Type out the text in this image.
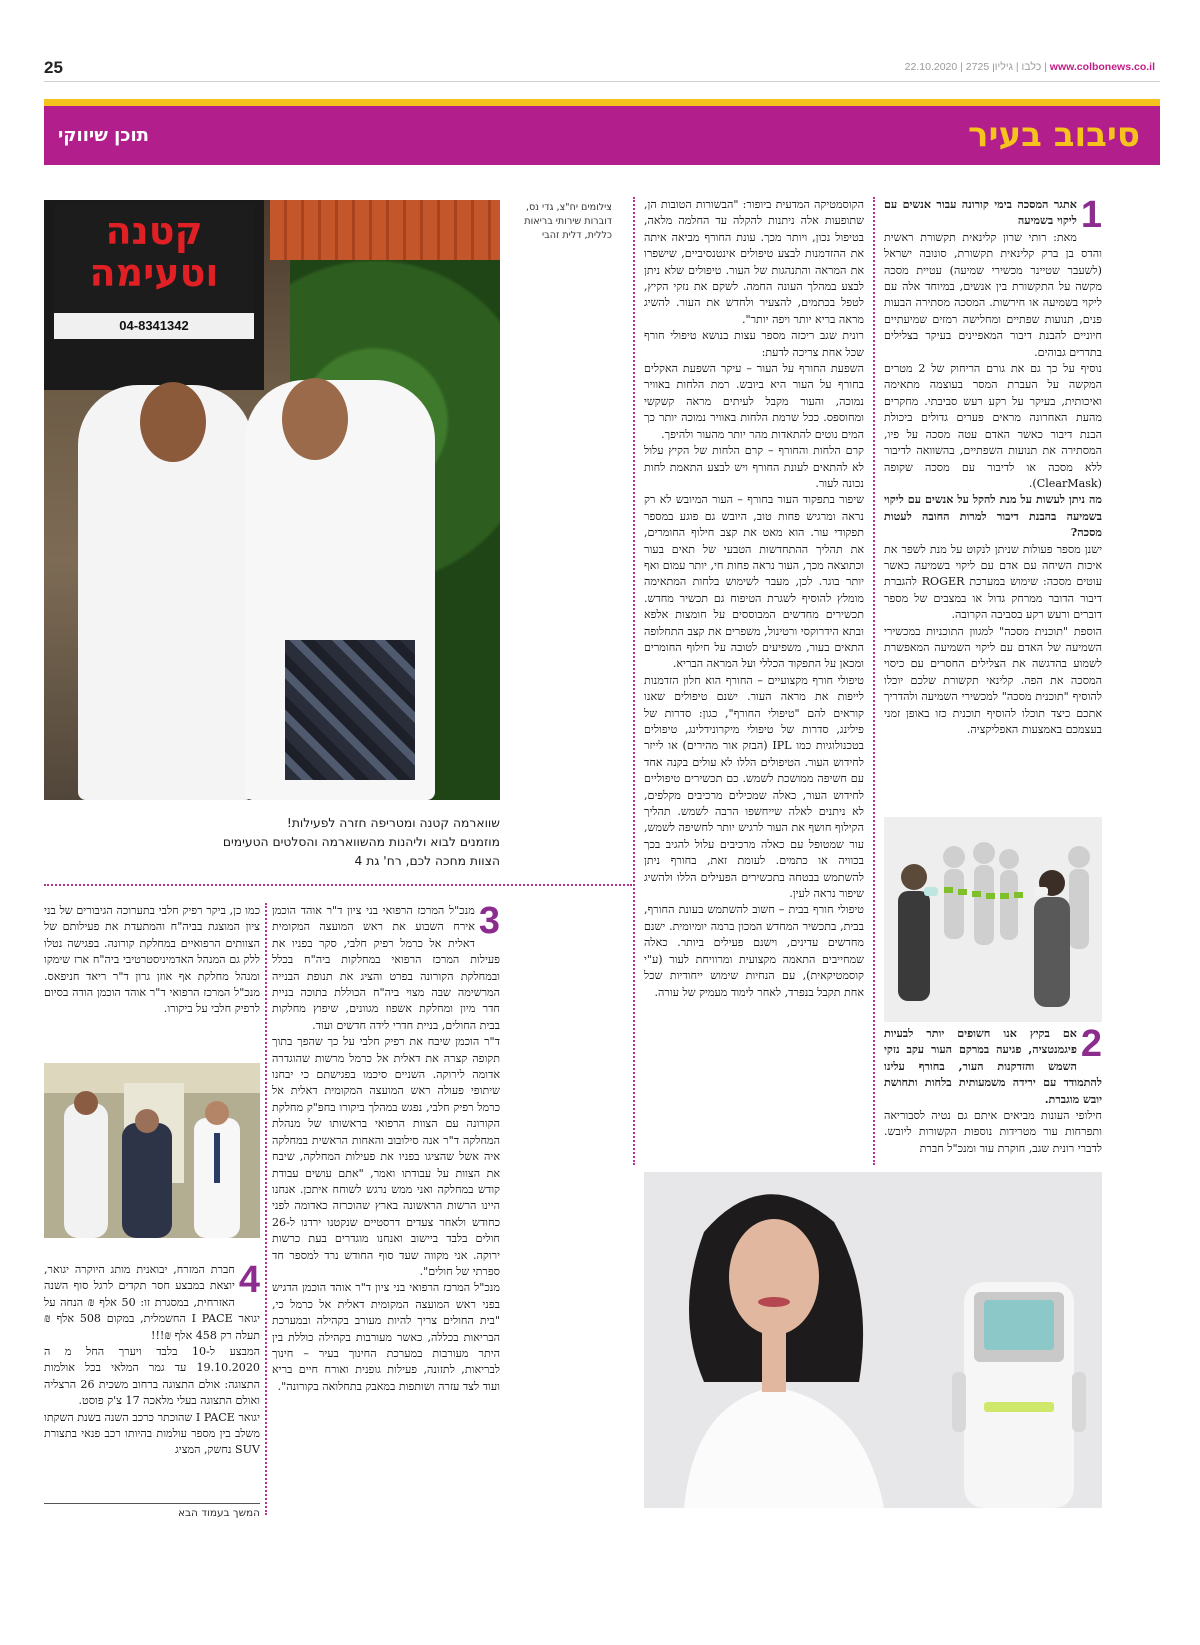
25	www.colbonews.co.il | כלבו | גיליון 2725 | 22.10.2020
סיבוב בעיר
תוכן שיווקי
1

אתגר המסכה בימי קורונה עבור אנשים עם ליקוי בשמיעה

מאת: רותי שרון קלינאית תקשורת ראשית והדס בן ברק קלינאית תקשורת, סונובה ישראל (לשעבר שטיינר מכשירי שמיעה) עטיית מסכה מקשה על התקשורת בין אנשים, במיוחד אלה עם ליקוי בשמיעה או חירשות. המסכה מסתירה הבעות פנים, תנועות שפתיים ומחלישה רמזים שמיעתיים חיוניים להבנת דיבור המאפיינים בעיקר בצלילים בתדרים גבוהים.

נוסיף על כך גם את גורם הריחוק של 2 מטרים המקשה על העברת המסר בעוצמה מתאימה ואיכותית, בעיקר על רקע רעש סביבתי. מחקרים מהעת האחרונה מראים פערים גדולים ביכולת הבנת דיבור כאשר האדם עטה מסכה על פיו, המסתירה את תנועות השפתיים, בהשוואה לדיבור ללא מסכה או לדיבור עם מסכה שקופה (ClearMask).

מה ניתן לעשות על מנת להקל על אנשים עם ליקוי בשמיעה בהבנת דיבור למרות החובה לעטות מסכה?

ישנן מספר פעולות שניתן לנקוט על מנת לשפר את איכות השיחה עם אדם עם ליקוי בשמיעה כאשר עוטים מסכה: שימוש במערכת ROGER להגברת דיבור הדובר ממרחק גדול או במצבים של מספר דוברים ורעש רקע בסביבה הקרובה.

הוספת "תוכנית מסכה" למגוון התוכניות במכשירי השמיעה של האדם עם ליקוי השמיעה המאפשרת לשמוע בהדגשה את הצלילים החסרים עם כיסוי המסכה את הפה. קלינאי תקשורת שלכם יוכלו להוסיף "תוכנית מסכה" למכשירי השמיעה ולהדריך אתכם כיצד תוכלו להוסיף תוכנית כזו באופן זמני בעצמכם באמצעות האפליקציה.

2

אם בקיץ אנו חשופים יותר לבעיות פיגמנטציה, פגיעה במרקם העור עקב נזקי השמש והזדקנות העור, בחורף עלינו להתמודד עם ירידה משמעותית בלחות ותחושת יובש מוגברת.

חילופי העונות מביאים איתם גם נטיה לסבוריאה ותפרחות עור מטרידות נוספות הקשורות ליובש. לדברי רונית שגב, חוקרת עור ומנכ"ל חברת

הקוסמטיקה המדעית ביופור: "הבשורות הטובות הן, שתופעות אלה ניתנות להקלה עד החלמה מלאה, בטיפול נכון, ויותר מכך. עונת החורף מביאה איתה את ההזדמנות לבצע טיפולים אינטנסיביים, שישפרו את המראה והתנהגות של העור. טיפולים שלא ניתן לבצע במהלך העונה החמה. לשקם את נזקי הקיץ, לטפל בכתמים, להצעיר ולחדש את העור. להשיג מראה בריא יותר ויפה יותר".

רונית שגב ריכזה מספר עצות בנושא טיפולי חורף שכל אחת צריכה לדעת:

השפעת החורף על העור – עיקר השפעת האקלים בחורף על העור היא ביובש. רמת הלחות באוויר נמוכה, והעור מקבל לעיתים מראה קשקשי ומחוספס. ככל שרמת הלחות באוויר נמוכה יותר כך המים נוטים להתאדות מהר יותר מהעור ולהיפך.

קרם הלחות והחורף – קרם הלחות של הקיץ עלול לא להתאים לעונת החורף ויש לבצע התאמת לחות נכונה לעור.

שיפור בתפקוד העור בחורף – העור המיובש לא רק נראה ומרגיש פחות טוב, היובש גם פוגע במספר תפקודי עור. הוא מאט את קצב חילוף החומרים, את תהליך ההתחדשות הטבעי של תאים בעור וכתוצאה מכך, העור נראה פחות חי, יותר עמום ואף יותר בוגר. לכן, מעבר לשימוש בלחות המתאימה מומלץ להוסיף לשגרת הטיפוח גם תכשיר מחדש. תכשירים מחדשים המבוססים על חומצות אלפא ובתא הידרוקסי ורטינול, משפרים את קצב התחלופה התאים בעור, משפיעים לטובה על חילוף החומרים ומכאן על התפקוד הכללי ועל המראה הבריא.

טיפולי חורף מקצועיים – החורף הוא חלון הזדמנות לייפות את מראה העור. ישנם טיפולים שאנו קוראים להם "טיפולי החורף", כגון: סדרות של פילינג, סדרות של טיפולי מיקרונידלינג, טיפולים בטכנולוגיות כמו IPL (הבזק אור מהירים) או לייזר לחידוש העור. הטיפולים הללו לא עולים בקנה אחד עם חשיפה ממושכת לשמש. כם תכשירים טיפוליים לחידוש העור, כאלה שמכילים מרכיבים מקלפים, לא ניתנים לאלה שייחשפו הרבה לשמש. תהליך הקילוף חושף את העור לרגיש יותר לחשיפה לשמש, עור שמטופל עם כאלה מרכיבים עלול להגיב בכך בכוויה או כתמים. לעומת זאת, בחורף ניתן להשתמש בבטחה בתכשירים הפעילים הללו ולהשיג שיפור נראה לעין.

טיפולי חורף בבית – חשוב להשתמש בעונת החורף, בבית, בתכשיר המחדש המכון ברמה יומיומית. ישנם מחדשים עדינים, וישנם פעילים ביותר. כאלה שמחייבים התאמה מקצועית ומרוויחת לעור (ע"י קוסמטיקאית), עם הנחיות שימוש ייחודיות שכל אחת תקבל בנפרד, לאחר לימוד מעמיק של עורה.

צילומים יח"צ, גדי נס, דוברות שירותי בריאות כללית, דלית זהבי
קטנה
וטעימה
04-8341342
שווארמה קטנה ומטריפה חזרה לפעילות!
מוזמנים לבוא וליהנות מהשווארמה והסלטים הטעימים
הצוות מחכה לכם, רח' גת 4
3

מנכ"ל המרכז הרפואי בני ציון ד"ר אוהד הוכמן אירח השבוע את ראש המועצה המקומית דאלית אל כרמל רפיק חלבי, סקר בפניו את פעילות המרכז הרפואי במחלקות ביה"ח בכלל ובמחלקת הקורונה בפרט והציג את תנופת הבנייה המרשימה שבה מצוי ביה"ח הכוללת בתוכה בניית חדר מיון ומחלקת אשפוז מגוונים, שיפוץ מחלקות בבית החולים, בניית חדרי לידה חדשים ועוד.

ד"ר הוכמן שיבח את רפיק חלבי על כך שהפך בתוך תקופה קצרה את דאלית אל כרמל מרשות שהוגדרה אדומה לירוקה. השניים סיכמו בפגישתם כי יבחנו שיתופי פעולה ראש המועצה המקומית דאלית אל כרמל רפיק חלבי, נפגש במהלך ביקורו בחפ"ק מחלקת הקורונה עם הצוות הרפואי בראשותו של מנהלת המחלקה ד"ר אנה סילובוב והאחות הראשית במחלקה איה אשל שהציגו בפניו את פעילות המחלקה, שיבח את הצוות על עבודתו ואמר, "אתם עושים עבודת קודש במחלקה ואני ממש נרגש לשוחח איתכן. אנחנו היינו הרשות הראשונה בארץ שהוכרזה כאדומה לפני כחודש ולאחר צעדים דרסטיים שנקטנו ירדנו ל-26 חולים בלבד ביישוב ואנחנו מוגדרים בעת כרשות ירוקה. אני מקווה שעד סוף החודש נרד למספר חד ספרתי של חולים".

מנכ"ל המרכז הרפואי בני ציון ד"ר אוהד הוכמן הדגיש בפני ראש המועצה המקומית דאלית אל כרמל כי, "בית החולים צריך להיות מעורב בקהילה ובמערכת הבריאות בכללה, כאשר מעורבות בקהילה כוללת בין היתר מעורבות במערכת החינוך בעיר – חינוך לבריאות, לתזונה, פעילות גופנית ואורח חיים בריא ועוד לצד עזרה ושותפות במאבק בתחלואה בקורונה".

כמו כן, ביקר רפיק חלבי בתערוכה הגיבורים של בני ציון המוצגת בביה"ח והמתעדת את פעילותם של הצוותים הרפואיים במחלקת קורונה. בפגישה נטלו ללק גם המנהל האדמיניסטרטיבי ביה"ח ארז שימקו ומנהל מחלקת אף אוזן גרון ד"ר ריאד חניפאס. מנכ"ל המרכז הרפואי ד"ר אוהד הוכמן הודה בסיום לרפיק חלבי על ביקורו.

4

חברת המזרח, יבואנית מותג היוקרה יגואר, יוצאת במבצע חסר תקדים לרגל סוף השנה האזרחית, במסגרת זו: 50 אלף ₪ הנחה על יגואר I PACE החשמלית, במקום 508 אלף ₪ תעלה רק 458 אלף ₪!!!

המבצע ל-10 בלבד ויערך החל מ ה 19.10.2020 עד גמר המלאי בכל אולמות התצוגה: אולם התצוגה ברחוב משכית 26 הרצליה ואולם התצוגה בעלי מלאכה 17 צ'ק פוסט.

יגואר I PACE שהוכתר כרכב השנה בשנת השקתו משלב בין מספר עולמות בהיותו רכב פנאי בתצורת SUV נחשק, המציג

המשך בעמוד הבא
